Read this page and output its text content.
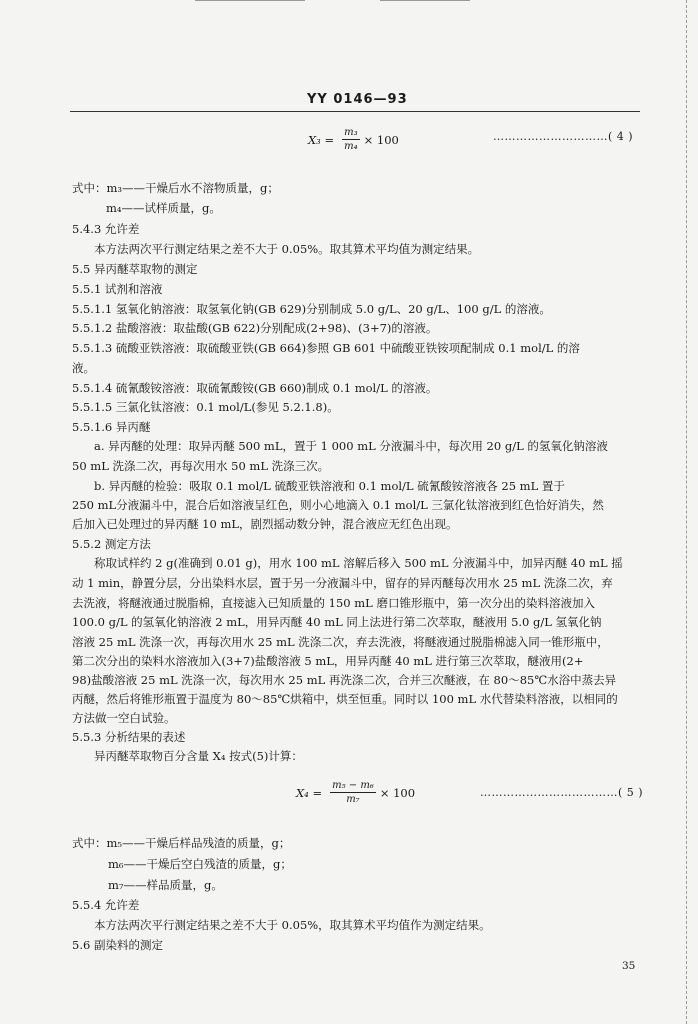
YY 0146—93
$X_3 = \frac{\text{m₃}}{\text{m₄}} \times 100$	…………………………( 4 )
式中：m₃——干燥后水不溶物质量，g；
m₄——试样质量，g。
5.4.3 允许差
本方法两次平行测定结果之差不大于 0.05%。取其算术平均值为测定结果。
5.5 异丙醚萃取物的测定
5.5.1 试剂和溶液
5.5.1.1 氢氧化钠溶液：取氢氧化钠(GB 629)分别制成 5.0 g/L、20 g/L、100 g/L 的溶液。
5.5.1.2 盐酸溶液：取盐酸(GB 622)分别配成(2+98)、(3+7)的溶液。
5.5.1.3 硫酸亚铁溶液：取硫酸亚铁(GB 664)参照 GB 601 中硫酸亚铁铵项配制成 0.1 mol/L 的溶
液。
5.5.1.4 硫氰酸铵溶液：取硫氰酸铵(GB 660)制成 0.1 mol/L 的溶液。
5.5.1.5 三氯化钛溶液：0.1 mol/L(参见 5.2.1.8)。
5.5.1.6 异丙醚
a. 异丙醚的处理：取异丙醚 500 mL，置于 1 000 mL 分液漏斗中，每次用 20 g/L 的氢氧化钠溶液
50 mL 洗涤二次，再每次用水 50 mL 洗涤三次。
b. 异丙醚的检验：吸取 0.1 mol/L 硫酸亚铁溶液和 0.1 mol/L 硫氰酸铵溶液各 25 mL 置于
250 mL分液漏斗中，混合后如溶液呈红色，则小心地滴入 0.1 mol/L 三氯化钛溶液到红色恰好消失，然
后加入已处理过的异丙醚 10 mL，剧烈摇动数分钟，混合液应无红色出现。
5.5.2 测定方法
称取试样约 2 g(准确到 0.01 g)，用水 100 mL 溶解后移入 500 mL 分液漏斗中，加异丙醚 40 mL 摇
动 1 min，静置分层，分出染料水层，置于另一分液漏斗中，留存的异丙醚每次用水 25 mL 洗涤二次，弃
去洗液，将醚液通过脱脂棉，直接滤入已知质量的 150 mL 磨口锥形瓶中，第一次分出的染料溶液加入
100.0 g/L 的氢氧化钠溶液 2 mL，用异丙醚 40 mL 同上法进行第二次萃取，醚液用 5.0 g/L 氢氧化钠
溶液 25 mL 洗涤一次，再每次用水 25 mL 洗涤二次，弃去洗液，将醚液通过脱脂棉滤入同一锥形瓶中，
第二次分出的染料水溶液加入(3+7)盐酸溶液 5 mL，用异丙醚 40 mL 进行第三次萃取，醚液用(2+
98)盐酸溶液 25 mL 洗涤一次，每次用水 25 mL 再洗涤二次，合并三次醚液，在 80～85℃水浴中蒸去异
丙醚，然后将锥形瓶置于温度为 80～85℃烘箱中，烘至恒重。同时以 100 mL 水代替染料溶液，以相同的
方法做一空白试验。
5.5.3 分析结果的表述
异丙醚萃取物百分含量 X₄ 按式(5)计算：
$X_4 = \frac{\text{m₅ − m₆}}{\text{m₇}} \times 100$	………………………………( 5 )
式中：m₅——干燥后样品残渣的质量，g；
m₆——干燥后空白残渣的质量，g；
m₇——样品质量，g。
5.5.4 允许差
本方法两次平行测定结果之差不大于 0.05%，取其算术平均值作为测定结果。
5.6 副染料的测定
35
